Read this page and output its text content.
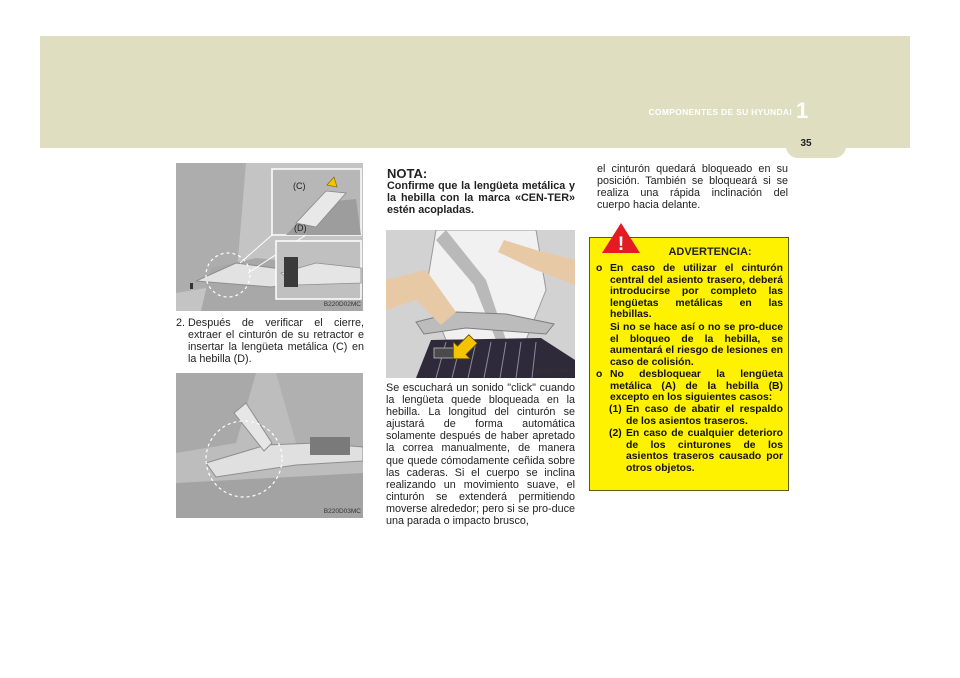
COMPONENTES DE SU HYUNDAI 1
35
(C)
(D)
B220D02MC
2. Después de verificar el cierre, extraer el cinturón de su retractor e insertar la lengüeta metálica (C) en la hebilla (D).
B220D03MC
NOTA:
Confirme que la lengüeta metálica y la hebilla con la marca «CEN-TER» estén acopladas.
B220D04MC
Se escuchará un sonido "click" cuando la lengüeta quede bloqueada en la hebilla. La longitud del cinturón se ajustará de forma automática solamente después de haber apretado la correa manualmente, de manera que quede cómodamente ceñida sobre las caderas. Si el cuerpo se inclina realizando un movimiento suave, el cinturón se extenderá permitiendo moverse alrededor; pero si se pro-duce una parada o impacto brusco,
el cinturón quedará bloqueado en su posición. También se bloqueará si se realiza una rápida inclinación del cuerpo hacia delante.
ADVERTENCIA:
o En caso de utilizar el cinturón central del asiento trasero, deberá introducirse por completo las lengüetas metálicas en las hebillas.
Si no se hace así o no se pro-duce el bloqueo de la hebilla, se aumentará el riesgo de lesiones en caso de colisión.
o No desbloquear la lengüeta metálica (A) de la hebilla (B) excepto en los siguientes casos:
(1) En caso de abatir el respaldo de los asientos traseros.
(2) En caso de cualquier deterioro de los cinturones de los asientos traseros causado por otros objetos.
!
